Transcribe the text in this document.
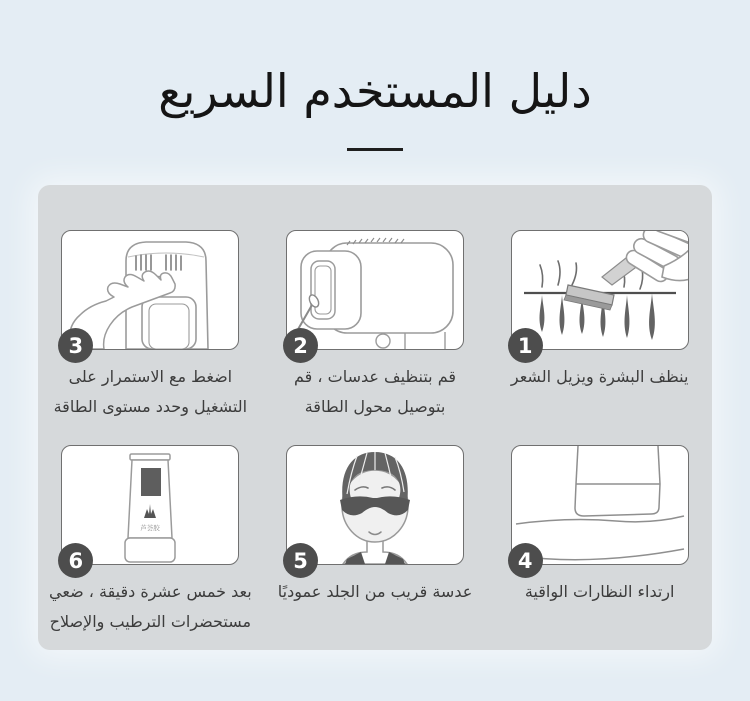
دليل المستخدم السريع
1
ينظف البشرة ويزيل الشعر
2
قم بتنظيف عدسات ، قم
بتوصيل محول الطاقة
3
اضغط مع الاستمرار على
التشغيل وحدد مستوى الطاقة
4
ارتداء النظارات الواقية
5
عدسة قريب من الجلد عموديًا
芦荟胶
6
بعد خمس عشرة دقيقة ، ضعي
مستحضرات الترطيب والإصلاح
